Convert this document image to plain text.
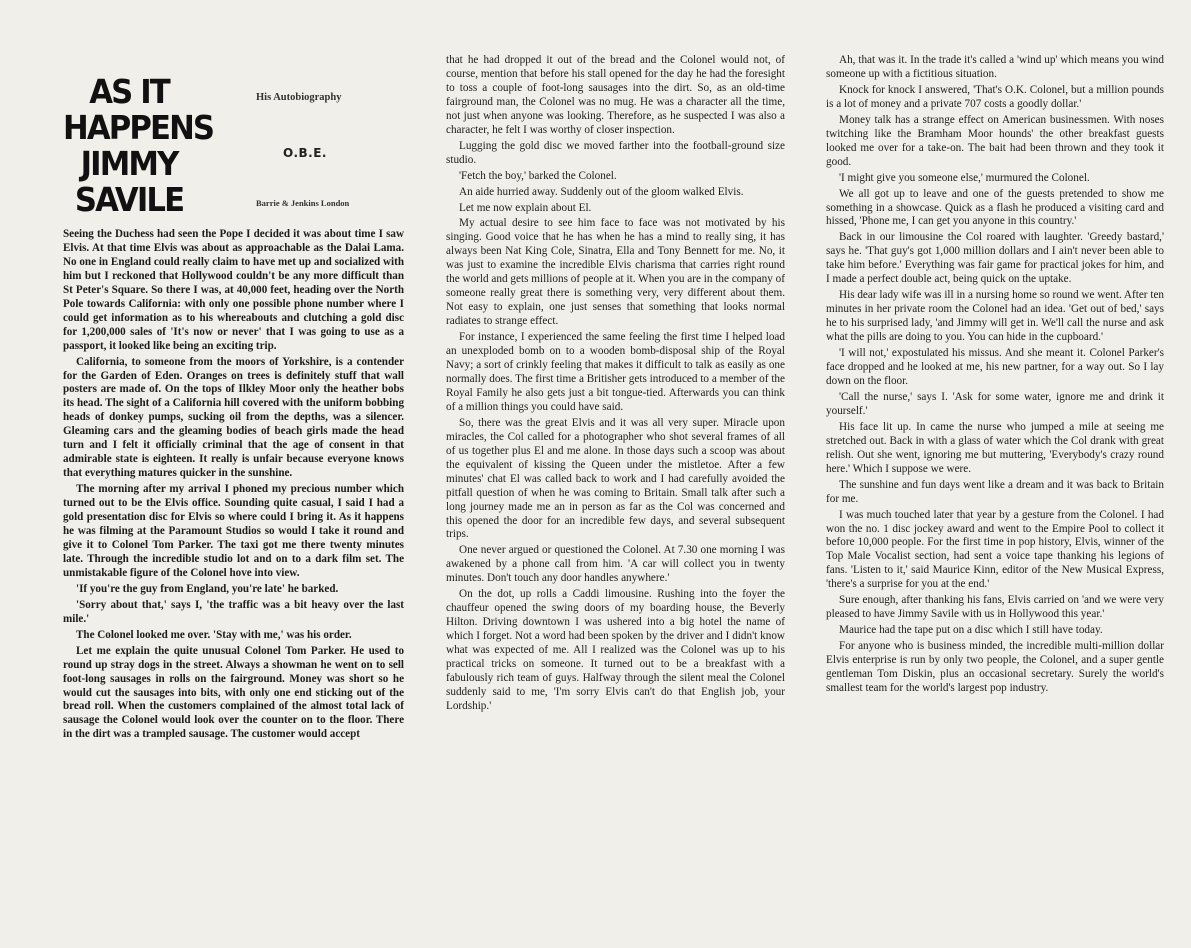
AS IT
HAPPENS
JIMMY
SAVILE
His Autobiography
O.B.E.
Barrie & Jenkins London

Seeing the Duchess had seen the Pope I decided it was about time I saw Elvis. At that time Elvis was about as approachable as the Dalai Lama. No one in England could really claim to have met up and socialized with him but I reckoned that Hollywood couldn't be any more difficult than St Peter's Square. So there I was, at 40,000 feet, heading over the North Pole towards California: with only one possible phone number where I could get information as to his whereabouts and clutching a gold disc for 1,200,000 sales of 'It's now or never' that I was going to use as a passport, it looked like being an exciting trip.

California, to someone from the moors of Yorkshire, is a contender for the Garden of Eden. Oranges on trees is definitely stuff that wall posters are made of. On the tops of Ilkley Moor only the heather bobs its head. The sight of a California hill covered with the uniform bobbing heads of donkey pumps, sucking oil from the depths, was a silencer. Gleaming cars and the gleaming bodies of beach girls made the head turn and I felt it officially criminal that the age of consent in that admirable state is eighteen. It really is unfair because everyone knows that everything matures quicker in the sunshine.

The morning after my arrival I phoned my precious number which turned out to be the Elvis office. Sounding quite casual, I said I had a gold presentation disc for Elvis so where could I bring it. As it happens he was filming at the Paramount Studios so would I take it round and give it to Colonel Tom Parker. The taxi got me there twenty minutes late. Through the incredible studio lot and on to a dark film set. The unmistakable figure of the Colonel hove into view.

'If you're the guy from England, you're late' he barked.

'Sorry about that,' says I, 'the traffic was a bit heavy over the last mile.'

The Colonel looked me over. 'Stay with me,' was his order.

Let me explain the quite unusual Colonel Tom Parker. He used to round up stray dogs in the street. Always a showman he went on to sell foot-long sausages in rolls on the fairground. Money was short so he would cut the sausages into bits, with only one end sticking out of the bread roll. When the customers complained of the almost total lack of sausage the Colonel would look over the counter on to the floor. There in the dirt was a trampled sausage. The customer would accept

that he had dropped it out of the bread and the Colonel would not, of course, mention that before his stall opened for the day he had the foresight to toss a couple of foot-long sausages into the dirt. So, as an old-time fairground man, the Colonel was no mug. He was a character all the time, not just when anyone was looking. Therefore, as he suspected I was also a character, he felt I was worthy of closer inspection.

Lugging the gold disc we moved farther into the football-ground size studio.

'Fetch the boy,' barked the Colonel.

An aide hurried away. Suddenly out of the gloom walked Elvis.

Let me now explain about El.

My actual desire to see him face to face was not motivated by his singing. Good voice that he has when he has a mind to really sing, it has always been Nat King Cole, Sinatra, Ella and Tony Bennett for me. No, it was just to examine the incredible Elvis charisma that carries right round the world and gets millions of people at it. When you are in the company of someone really great there is something very, very different about them. Not easy to explain, one just senses that something that looks normal radiates to strange effect.

For instance, I experienced the same feeling the first time I helped load an unexploded bomb on to a wooden bomb-disposal ship of the Royal Navy; a sort of crinkly feeling that makes it difficult to talk as easily as one normally does. The first time a Britisher gets introduced to a member of the Royal Family he also gets just a bit tongue-tied. Afterwards you can think of a million things you could have said.

So, there was the great Elvis and it was all very super. Miracle upon miracles, the Col called for a photographer who shot several frames of all of us together plus El and me alone. In those days such a scoop was about the equivalent of kissing the Queen under the mistletoe. After a few minutes' chat El was called back to work and I had carefully avoided the pitfall question of when he was coming to Britain. Small talk after such a long journey made me an in person as far as the Col was concerned and this opened the door for an incredible few days, and several subsequent trips.

One never argued or questioned the Colonel. At 7.30 one morning I was awakened by a phone call from him. 'A car will collect you in twenty minutes. Don't touch any door handles anywhere.'

On the dot, up rolls a Caddi limousine. Rushing into the foyer the chauffeur opened the swing doors of my boarding house, the Beverly Hilton. Driving downtown I was ushered into a big hotel the name of which I forget. Not a word had been spoken by the driver and I didn't know what was expected of me. All I realized was the Colonel was up to his practical tricks on someone. It turned out to be a breakfast with a fabulously rich team of guys. Halfway through the silent meal the Colonel suddenly said to me, 'I'm sorry Elvis can't do that English job, your Lordship.'

Ah, that was it. In the trade it's called a 'wind up' which means you wind someone up with a fictitious situation.

Knock for knock I answered, 'That's O.K. Colonel, but a million pounds is a lot of money and a private 707 costs a goodly dollar.'

Money talk has a strange effect on American businessmen. With noses twitching like the Bramham Moor hounds' the other breakfast guests looked me over for a take-on. The bait had been thrown and they took it good.

'I might give you someone else,' murmured the Colonel.

We all got up to leave and one of the guests pretended to show me something in a showcase. Quick as a flash he produced a visiting card and hissed, 'Phone me, I can get you anyone in this country.'

Back in our limousine the Col roared with laughter. 'Greedy bastard,' says he. 'That guy's got 1,000 million dollars and I ain't never been able to take him before.' Everything was fair game for practical jokes for him, and I made a perfect double act, being quick on the uptake.

His dear lady wife was ill in a nursing home so round we went. After ten minutes in her private room the Colonel had an idea. 'Get out of bed,' says he to his surprised lady, 'and Jimmy will get in. We'll call the nurse and ask what the pills are doing to you. You can hide in the cupboard.'

'I will not,' expostulated his missus. And she meant it. Colonel Parker's face dropped and he looked at me, his new partner, for a way out. So I lay down on the floor.

'Call the nurse,' says I. 'Ask for some water, ignore me and drink it yourself.'

His face lit up. In came the nurse who jumped a mile at seeing me stretched out. Back in with a glass of water which the Col drank with great relish. Out she went, ignoring me but muttering, 'Everybody's crazy round here.' Which I suppose we were.

The sunshine and fun days went like a dream and it was back to Britain for me.

I was much touched later that year by a gesture from the Colonel. I had won the no. 1 disc jockey award and went to the Empire Pool to collect it before 10,000 people. For the first time in pop history, Elvis, winner of the Top Male Vocalist section, had sent a voice tape thanking his legions of fans. 'Listen to it,' said Maurice Kinn, editor of the New Musical Express, 'there's a surprise for you at the end.'

Sure enough, after thanking his fans, Elvis carried on 'and we were very pleased to have Jimmy Savile with us in Hollywood this year.'

Maurice had the tape put on a disc which I still have today.

For anyone who is business minded, the incredible multi-million dollar Elvis enterprise is run by only two people, the Colonel, and a super gentle gentleman Tom Diskin, plus an occasional secretary. Surely the world's smallest team for the world's largest pop industry.
